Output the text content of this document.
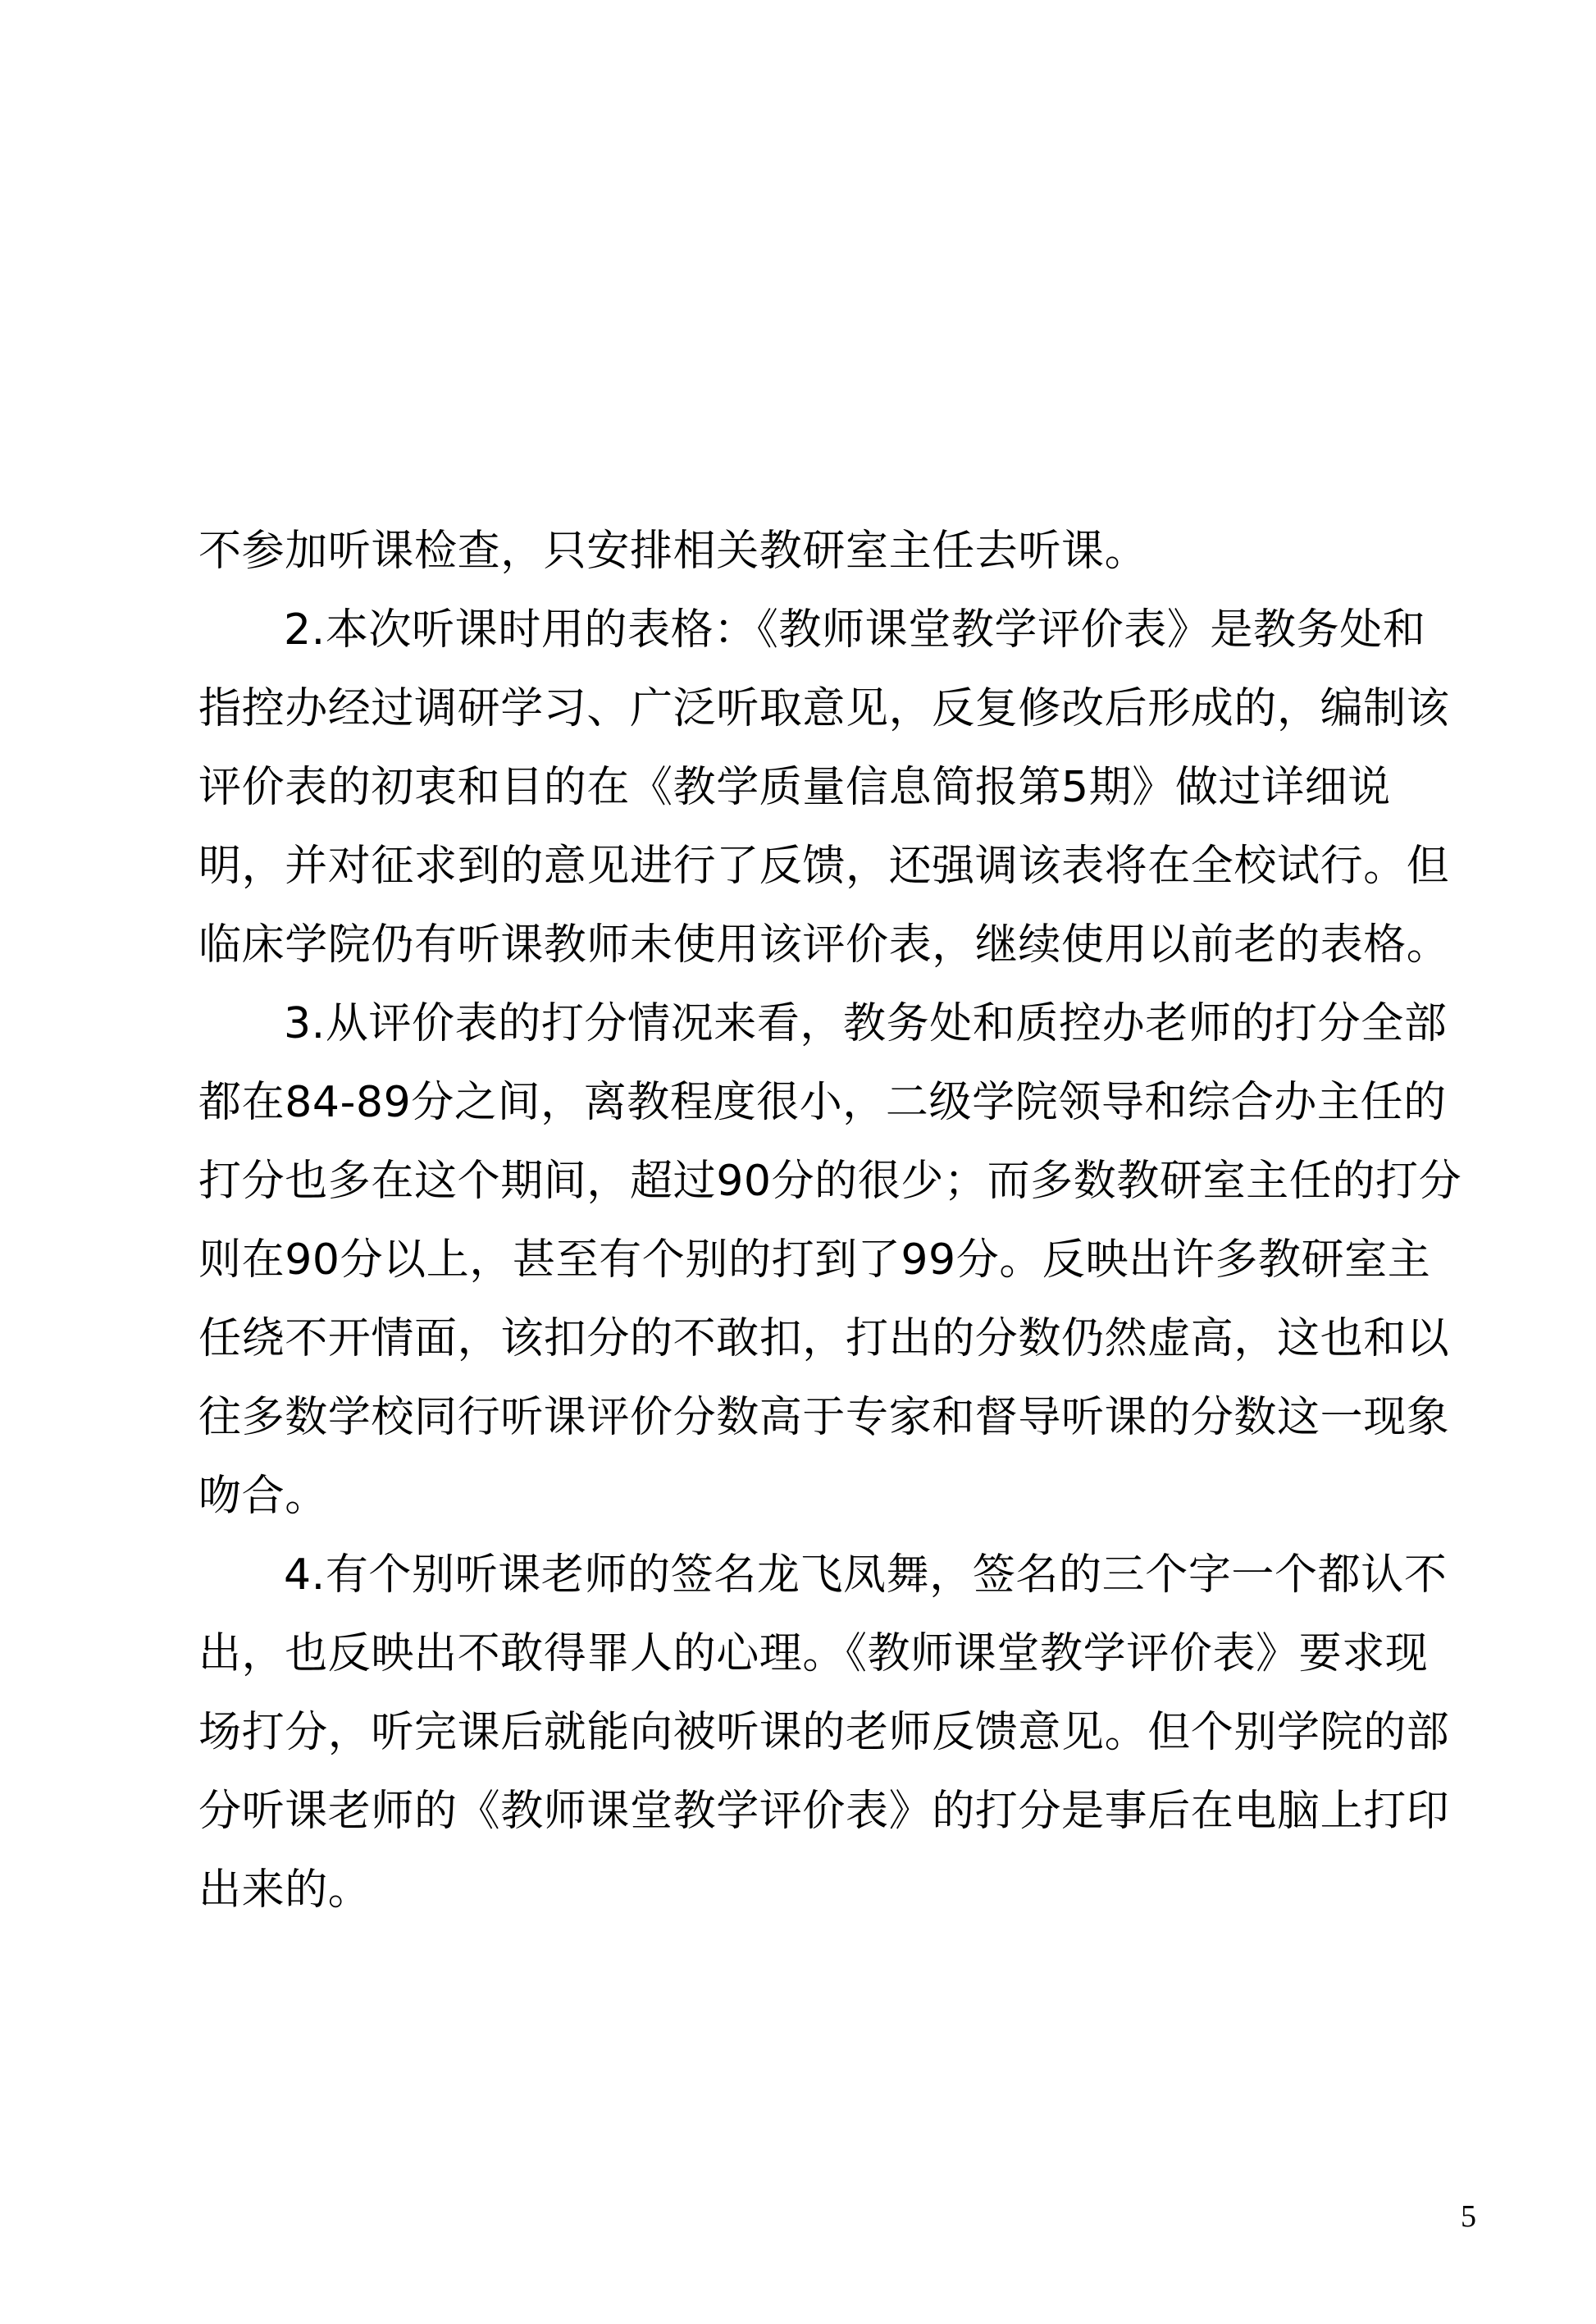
不参加听课检查，只安排相关教研室主任去听课。
2.本次听课时用的表格：《教师课堂教学评价表》是教务处和
指控办经过调研学习、广泛听取意见，反复修改后形成的，编制该
评价表的初衷和目的在《教学质量信息简报第5期》做过详细说
明，并对征求到的意见进行了反馈，还强调该表将在全校试行。但
临床学院仍有听课教师未使用该评价表，继续使用以前老的表格。
3.从评价表的打分情况来看，教务处和质控办老师的打分全部
都在84-89分之间，离教程度很小，二级学院领导和综合办主任的
打分也多在这个期间，超过90分的很少；而多数教研室主任的打分
则在90分以上，甚至有个别的打到了99分。反映出许多教研室主
任绕不开情面，该扣分的不敢扣，打出的分数仍然虚高，这也和以
往多数学校同行听课评价分数高于专家和督导听课的分数这一现象
吻合。
4.有个别听课老师的签名龙飞凤舞，签名的三个字一个都认不
出，也反映出不敢得罪人的心理。《教师课堂教学评价表》要求现
场打分，听完课后就能向被听课的老师反馈意见。但个别学院的部
分听课老师的《教师课堂教学评价表》的打分是事后在电脑上打印
出来的。
5
